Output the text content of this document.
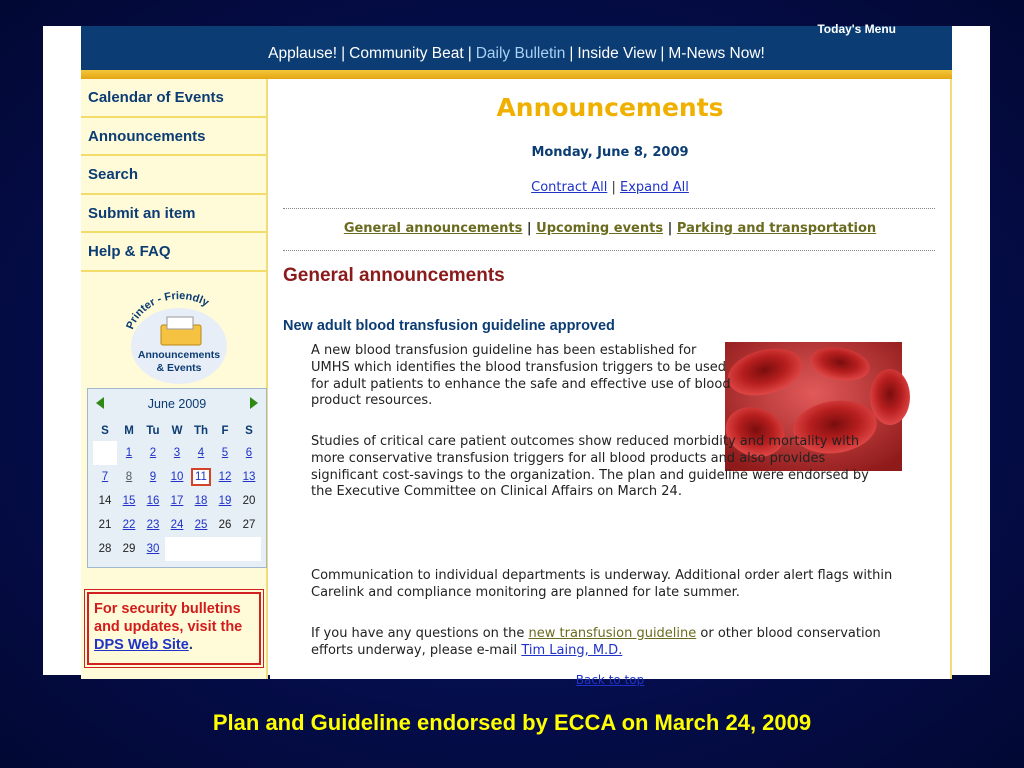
Today's Menu
Applause! | Community Beat | Daily Bulletin | Inside View | M-News Now!
Calendar of Events
Announcements
Search
Submit an item
Help & FAQ
Printer - Friendly
Announcements
& Events
June 2009
S	M	Tu	W	Th	F	S
	1	2	3	4	5	6
7	8	9	10	11	12	13
14	15	16	17	18	19	20
21	22	23	24	25	26	27
28	29	30				
For security bulletins and updates, visit the DPS Web Site.
Announcements
Monday, June 8, 2009
Contract All | Expand All
General announcements | Upcoming events | Parking and transportation
General announcements
New adult blood transfusion guideline approved
A new blood transfusion guideline has been established for UMHS which identifies the blood transfusion triggers to be used for adult patients to enhance the safe and effective use of blood product resources.
Studies of critical care patient outcomes show reduced morbidity and mortality with more conservative transfusion triggers for all blood products and also provides significant cost-savings to the organization. The plan and guideline were endorsed by the Executive Committee on Clinical Affairs on March 24.
Communication to individual departments is underway. Additional order alert flags within Carelink and compliance monitoring are planned for late summer.
If you have any questions on the new transfusion guideline or other blood conservation efforts underway, please e-mail Tim Laing, M.D.
Back to top
Plan and Guideline endorsed by ECCA on March 24, 2009
